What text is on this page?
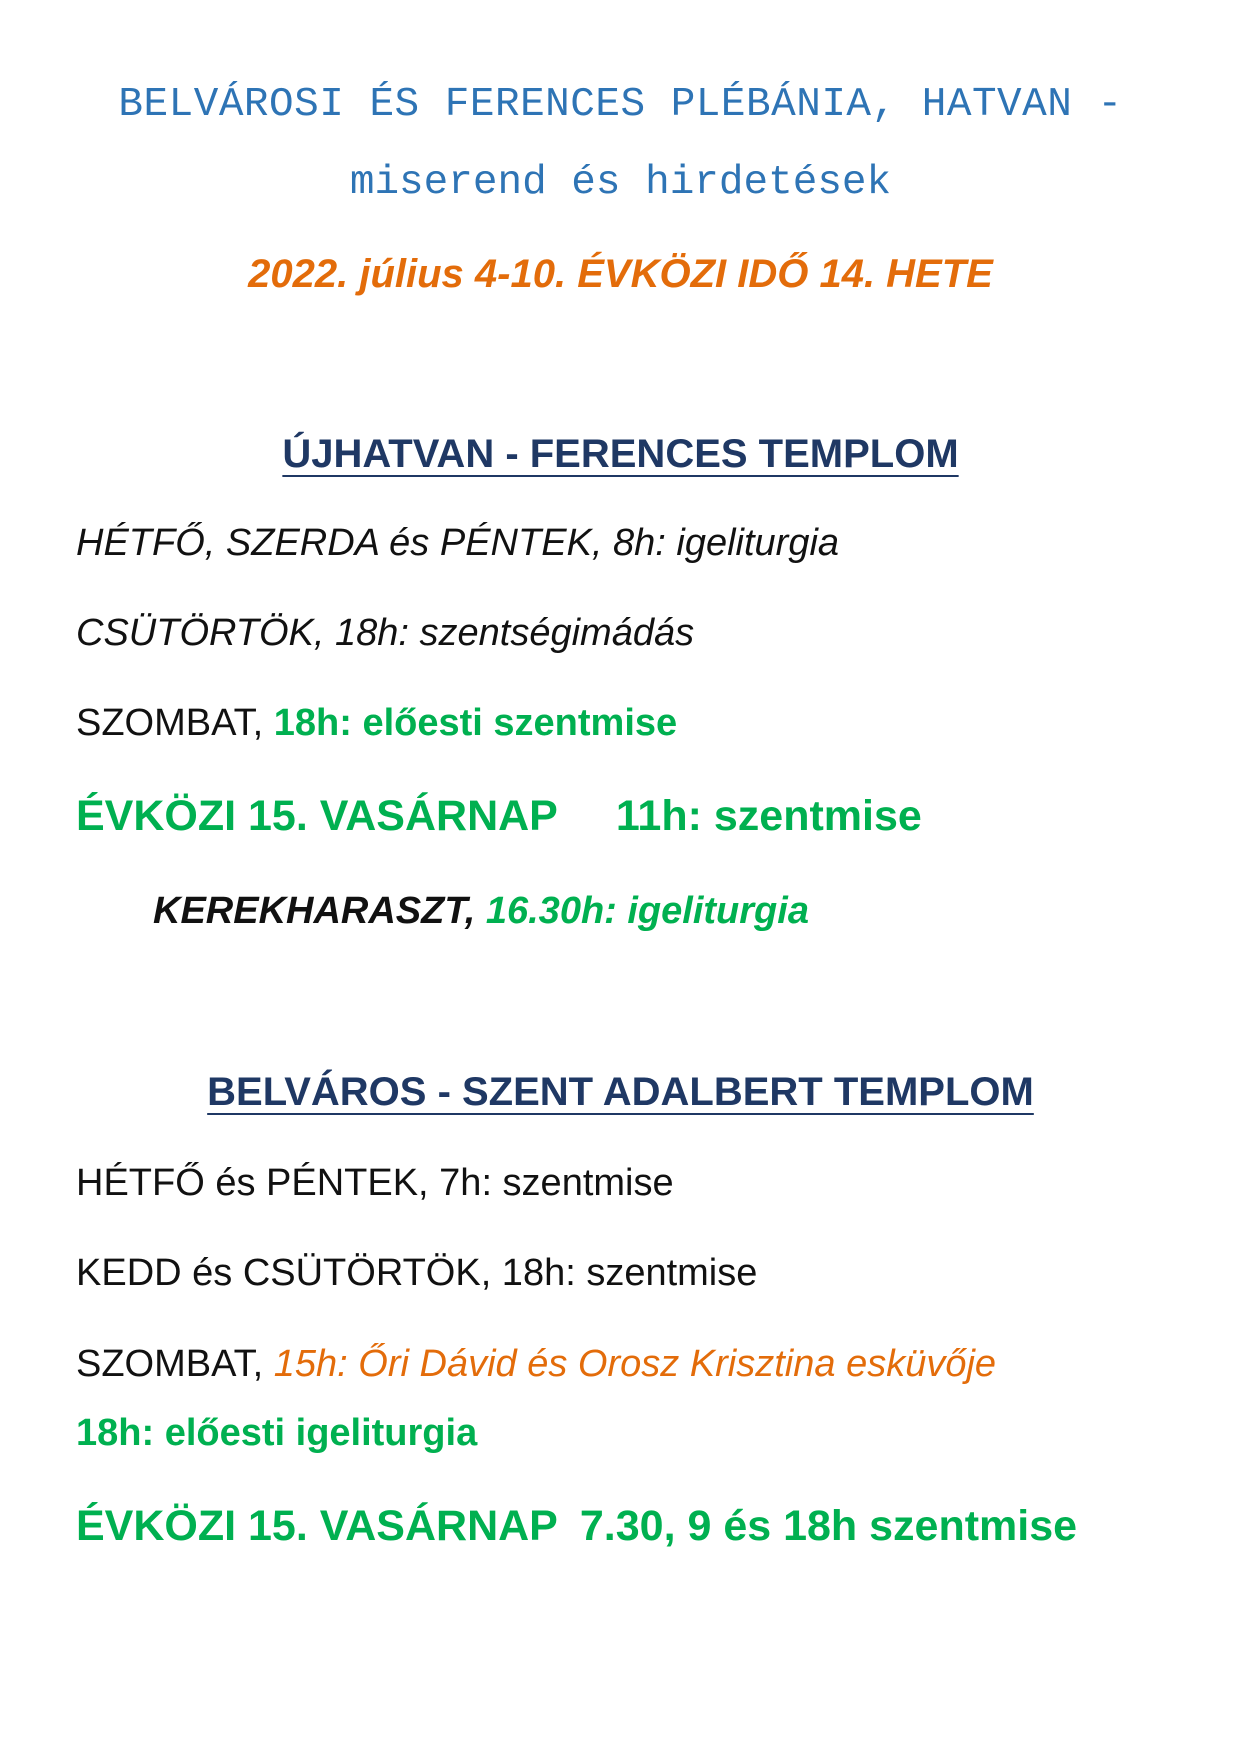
BELVÁROSI ÉS FERENCES PLÉBÁNIA, HATVAN -
miserend és hirdetések
2022. július 4-10. ÉVKÖZI IDŐ 14. HETE
ÚJHATVAN - FERENCES TEMPLOM
HÉTFŐ, SZERDA és PÉNTEK, 8h: igeliturgia
CSÜTÖRTÖK, 18h: szentségimádás
SZOMBAT, 18h: előesti szentmise
ÉVKÖZI 15. VASÁRNAP 11h: szentmise
KEREKHARASZT, 16.30h: igeliturgia
BELVÁROS - SZENT ADALBERT TEMPLOM
HÉTFŐ és PÉNTEK, 7h: szentmise
KEDD és CSÜTÖRTÖK, 18h: szentmise
SZOMBAT, 15h: Őri Dávid és Orosz Krisztina esküvője
18h: előesti igeliturgia
ÉVKÖZI 15. VASÁRNAP 7.30, 9 és 18h szentmise
